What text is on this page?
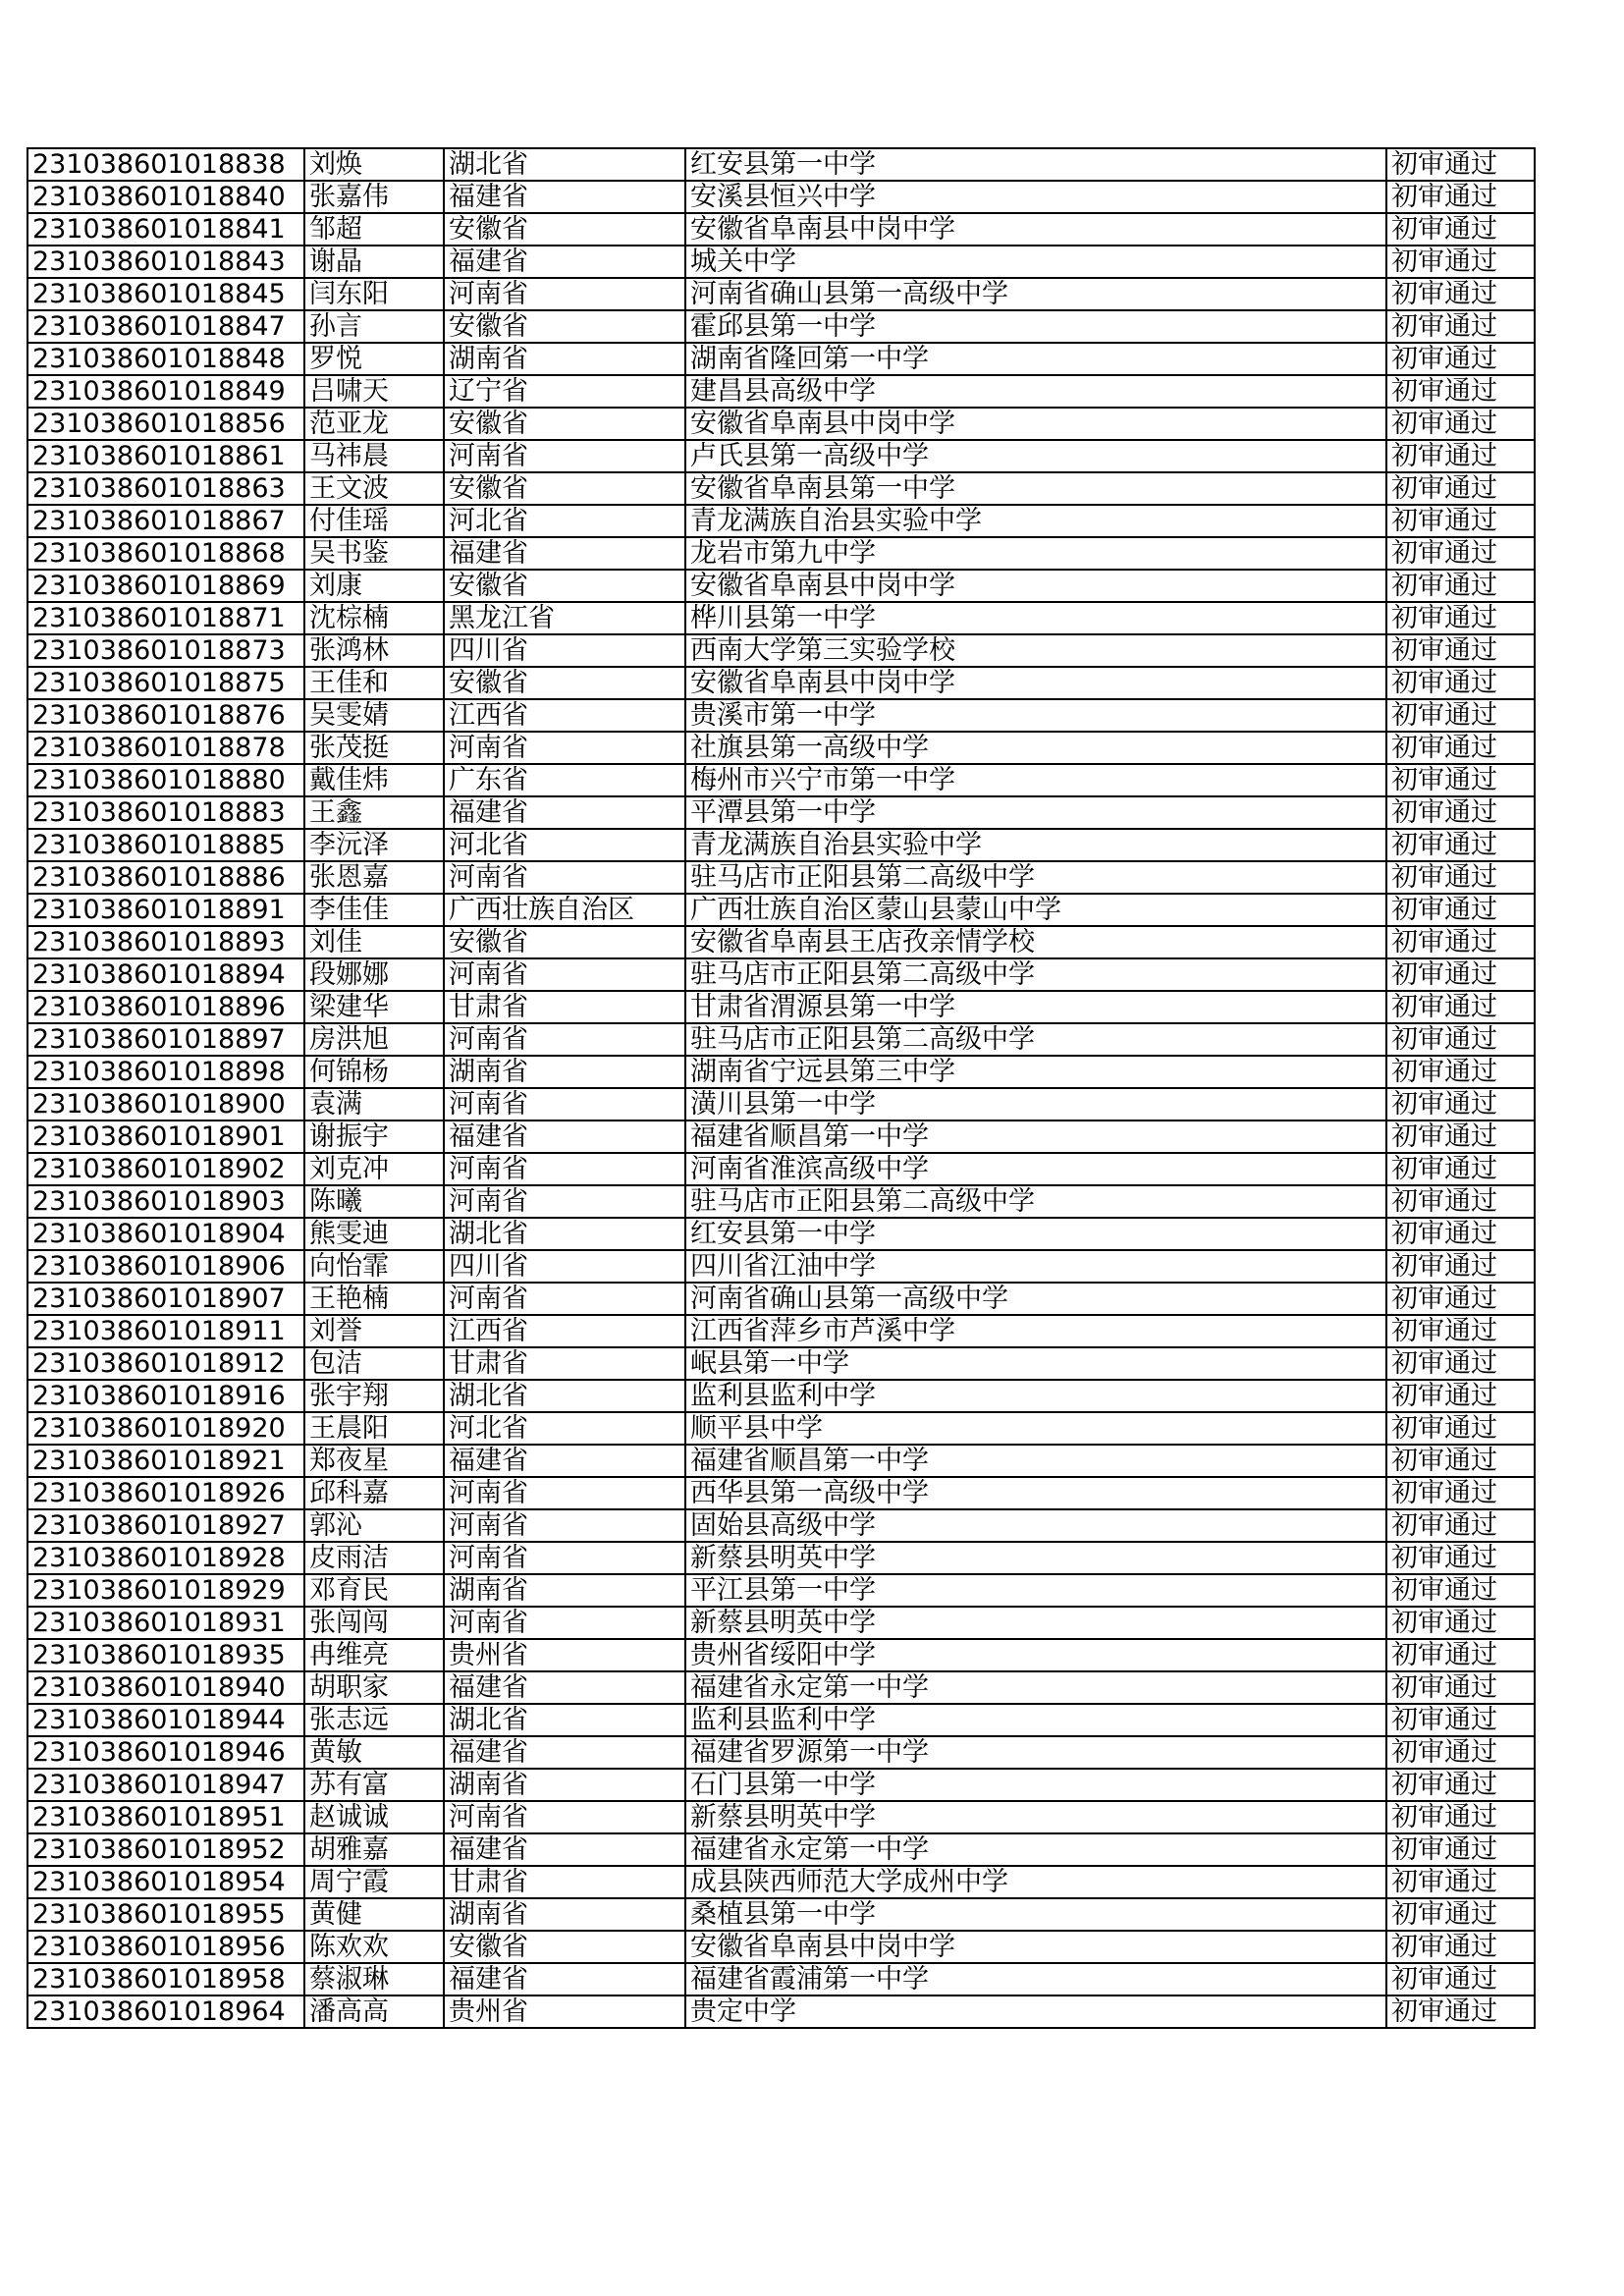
231038601018838	刘焕	湖北省	红安县第一中学	初审通过
231038601018840	张嘉伟	福建省	安溪县恒兴中学	初审通过
231038601018841	邹超	安徽省	安徽省阜南县中岗中学	初审通过
231038601018843	谢晶	福建省	城关中学	初审通过
231038601018845	闫东阳	河南省	河南省确山县第一高级中学	初审通过
231038601018847	孙言	安徽省	霍邱县第一中学	初审通过
231038601018848	罗悦	湖南省	湖南省隆回第一中学	初审通过
231038601018849	吕啸天	辽宁省	建昌县高级中学	初审通过
231038601018856	范亚龙	安徽省	安徽省阜南县中岗中学	初审通过
231038601018861	马祎晨	河南省	卢氏县第一高级中学	初审通过
231038601018863	王文波	安徽省	安徽省阜南县第一中学	初审通过
231038601018867	付佳瑶	河北省	青龙满族自治县实验中学	初审通过
231038601018868	吴书鉴	福建省	龙岩市第九中学	初审通过
231038601018869	刘康	安徽省	安徽省阜南县中岗中学	初审通过
231038601018871	沈棕楠	黑龙江省	桦川县第一中学	初审通过
231038601018873	张鸿林	四川省	西南大学第三实验学校	初审通过
231038601018875	王佳和	安徽省	安徽省阜南县中岗中学	初审通过
231038601018876	吴雯婧	江西省	贵溪市第一中学	初审通过
231038601018878	张茂挺	河南省	社旗县第一高级中学	初审通过
231038601018880	戴佳炜	广东省	梅州市兴宁市第一中学	初审通过
231038601018883	王鑫	福建省	平潭县第一中学	初审通过
231038601018885	李沅泽	河北省	青龙满族自治县实验中学	初审通过
231038601018886	张恩嘉	河南省	驻马店市正阳县第二高级中学	初审通过
231038601018891	李佳佳	广西壮族自治区	广西壮族自治区蒙山县蒙山中学	初审通过
231038601018893	刘佳	安徽省	安徽省阜南县王店孜亲情学校	初审通过
231038601018894	段娜娜	河南省	驻马店市正阳县第二高级中学	初审通过
231038601018896	梁建华	甘肃省	甘肃省渭源县第一中学	初审通过
231038601018897	房洪旭	河南省	驻马店市正阳县第二高级中学	初审通过
231038601018898	何锦杨	湖南省	湖南省宁远县第三中学	初审通过
231038601018900	袁满	河南省	潢川县第一中学	初审通过
231038601018901	谢振宇	福建省	福建省顺昌第一中学	初审通过
231038601018902	刘克冲	河南省	河南省淮滨高级中学	初审通过
231038601018903	陈曦	河南省	驻马店市正阳县第二高级中学	初审通过
231038601018904	熊雯迪	湖北省	红安县第一中学	初审通过
231038601018906	向怡霏	四川省	四川省江油中学	初审通过
231038601018907	王艳楠	河南省	河南省确山县第一高级中学	初审通过
231038601018911	刘誉	江西省	江西省萍乡市芦溪中学	初审通过
231038601018912	包洁	甘肃省	岷县第一中学	初审通过
231038601018916	张宇翔	湖北省	监利县监利中学	初审通过
231038601018920	王晨阳	河北省	顺平县中学	初审通过
231038601018921	郑夜星	福建省	福建省顺昌第一中学	初审通过
231038601018926	邱科嘉	河南省	西华县第一高级中学	初审通过
231038601018927	郭沁	河南省	固始县高级中学	初审通过
231038601018928	皮雨洁	河南省	新蔡县明英中学	初审通过
231038601018929	邓育民	湖南省	平江县第一中学	初审通过
231038601018931	张闯闯	河南省	新蔡县明英中学	初审通过
231038601018935	冉维亮	贵州省	贵州省绥阳中学	初审通过
231038601018940	胡职家	福建省	福建省永定第一中学	初审通过
231038601018944	张志远	湖北省	监利县监利中学	初审通过
231038601018946	黄敏	福建省	福建省罗源第一中学	初审通过
231038601018947	苏有富	湖南省	石门县第一中学	初审通过
231038601018951	赵诚诚	河南省	新蔡县明英中学	初审通过
231038601018952	胡雅嘉	福建省	福建省永定第一中学	初审通过
231038601018954	周宁霞	甘肃省	成县陕西师范大学成州中学	初审通过
231038601018955	黄健	湖南省	桑植县第一中学	初审通过
231038601018956	陈欢欢	安徽省	安徽省阜南县中岗中学	初审通过
231038601018958	蔡淑琳	福建省	福建省霞浦第一中学	初审通过
231038601018964	潘高高	贵州省	贵定中学	初审通过
